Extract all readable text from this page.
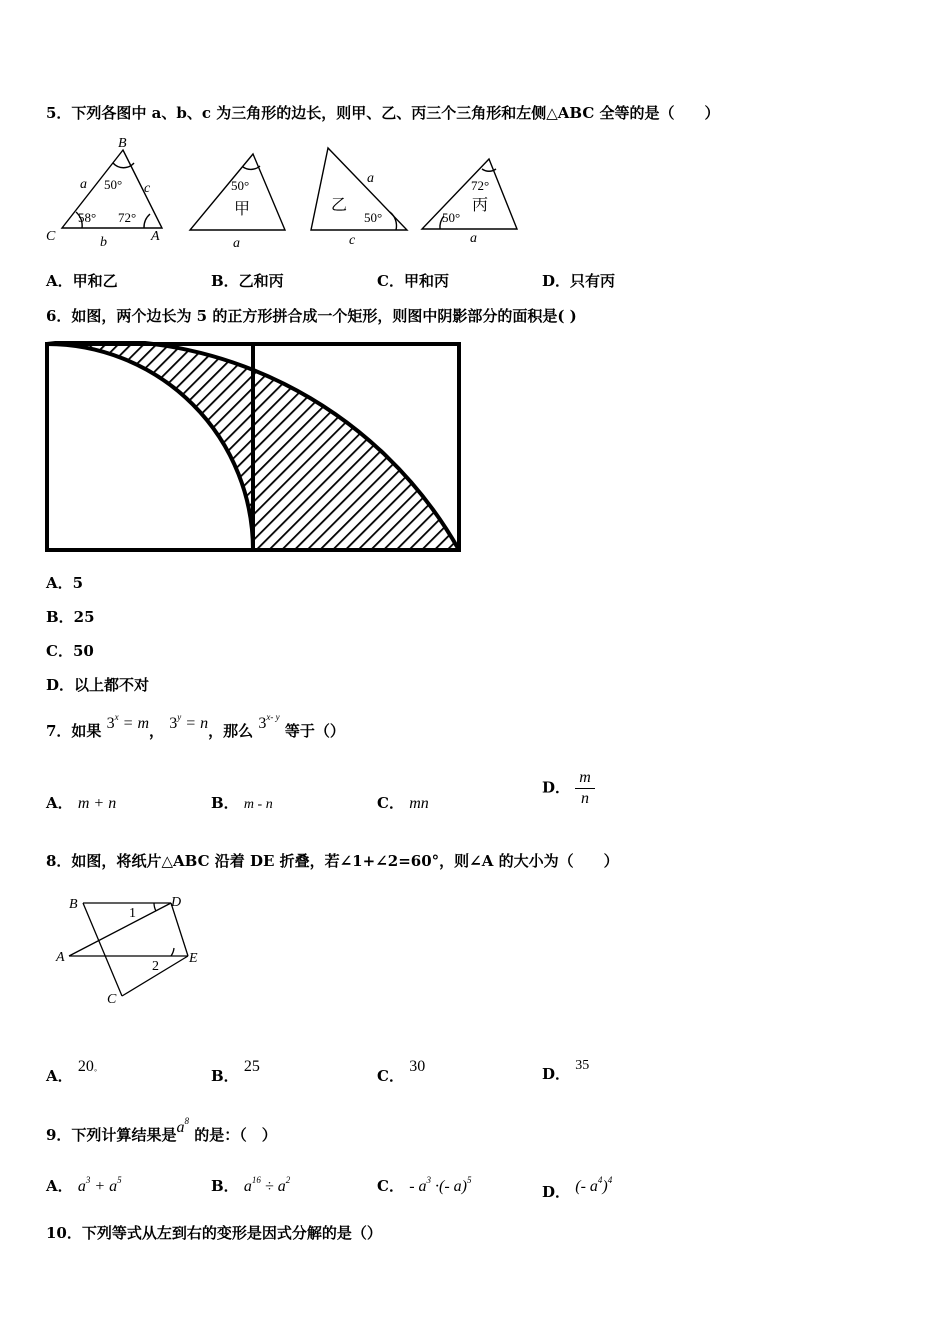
5．下列各图中 a、b、c 为三角形的边长，则甲、乙、丙三个三角形和左侧△ABC 全等的是（　　）
B
C	A
a	c
b	a
a
c	a
50°
58° 72°
50°
50°
72°
50°
甲	乙	丙
A．甲和乙	B．乙和丙	C．甲和丙	D．只有丙
6．如图，两个边长为 5 的正方形拼合成一个矩形，则图中阴影部分的面积是( )
A．5
B．25
C．50
D．以上都不对
7．如果 $3^x = m$， $3^y = n$，那么 3$^{x- y}$ 等于（）
A． m + n	B． m - n	C． mn
D． $\frac{m}{n}$
8．如图，将纸片△ABC 沿着 DE 折叠，若∠1+∠2=60°，则∠A 的大小为（　　）
B	D
A	E
C
1
2
A． 20◦	B． 25
C． 30	D． 35
9．下列计算结果是$a^8$ 的是：（　）
A． $a^3 + a^5$	B． $a^{16} \div a^2$	C． - $a^3$ ·(- a)$^5$
D． (- $a^4)^4$
10．下列等式从左到右的变形是因式分解的是（）
